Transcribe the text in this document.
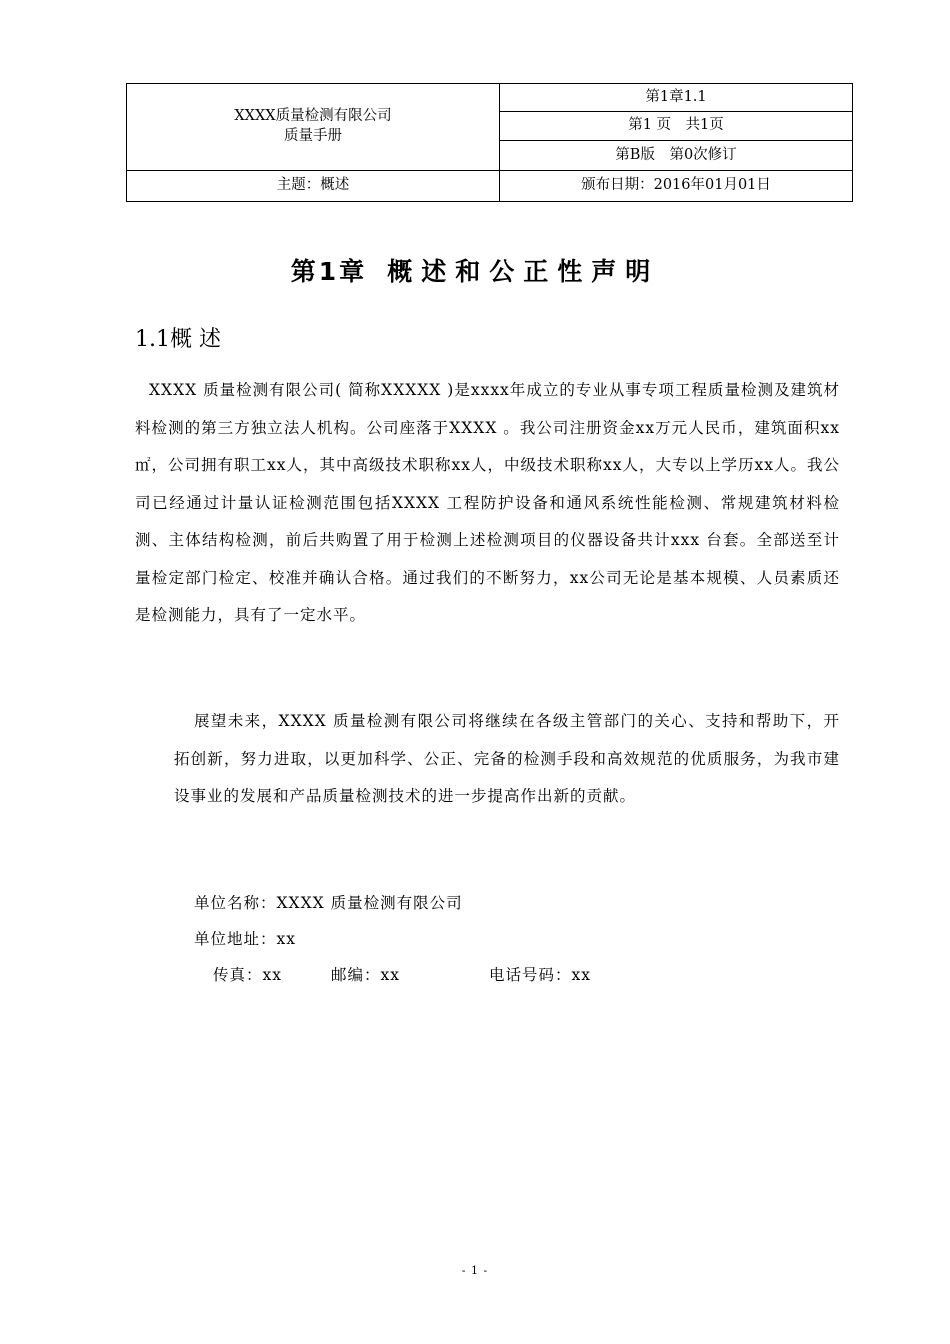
XXXX质量检测有限公司
质量手册	第1章1.1
	第1 页　共1页
	第B版　第0次修订
主题：概述	颁布日期：2016年01月01日
第1章 概述和公正性声明
1.1概 述
XXXX 质量检测有限公司( 简称XXXXX )是xxxx年成立的专业从事专项工程质量检测及建筑材料检测的第三方独立法人机构。公司座落于XXXX 。我公司注册资金xx万元人民币，建筑面积xx㎡，公司拥有职工xx人，其中高级技术职称xx人，中级技术职称xx人，大专以上学历xx人。我公司已经通过计量认证检测范围包括XXXX 工程防护设备和通风系统性能检测、常规建筑材料检测、主体结构检测，前后共购置了用于检测上述检测项目的仪器设备共计xxx 台套。全部送至计量检定部门检定、校准并确认合格。通过我们的不断努力，xx公司无论是基本规模、人员素质还是检测能力，具有了一定水平。
展望未来，XXXX 质量检测有限公司将继续在各级主管部门的关心、支持和帮助下，开拓创新，努力进取，以更加科学、公正、完备的检测手段和高效规范的优质服务，为我市建设事业的发展和产品质量检测技术的进一步提高作出新的贡献。
单位名称：XXXX 质量检测有限公司
单位地址：xx
传真：xx	邮编：xx	电话号码：xx
- 1 -
